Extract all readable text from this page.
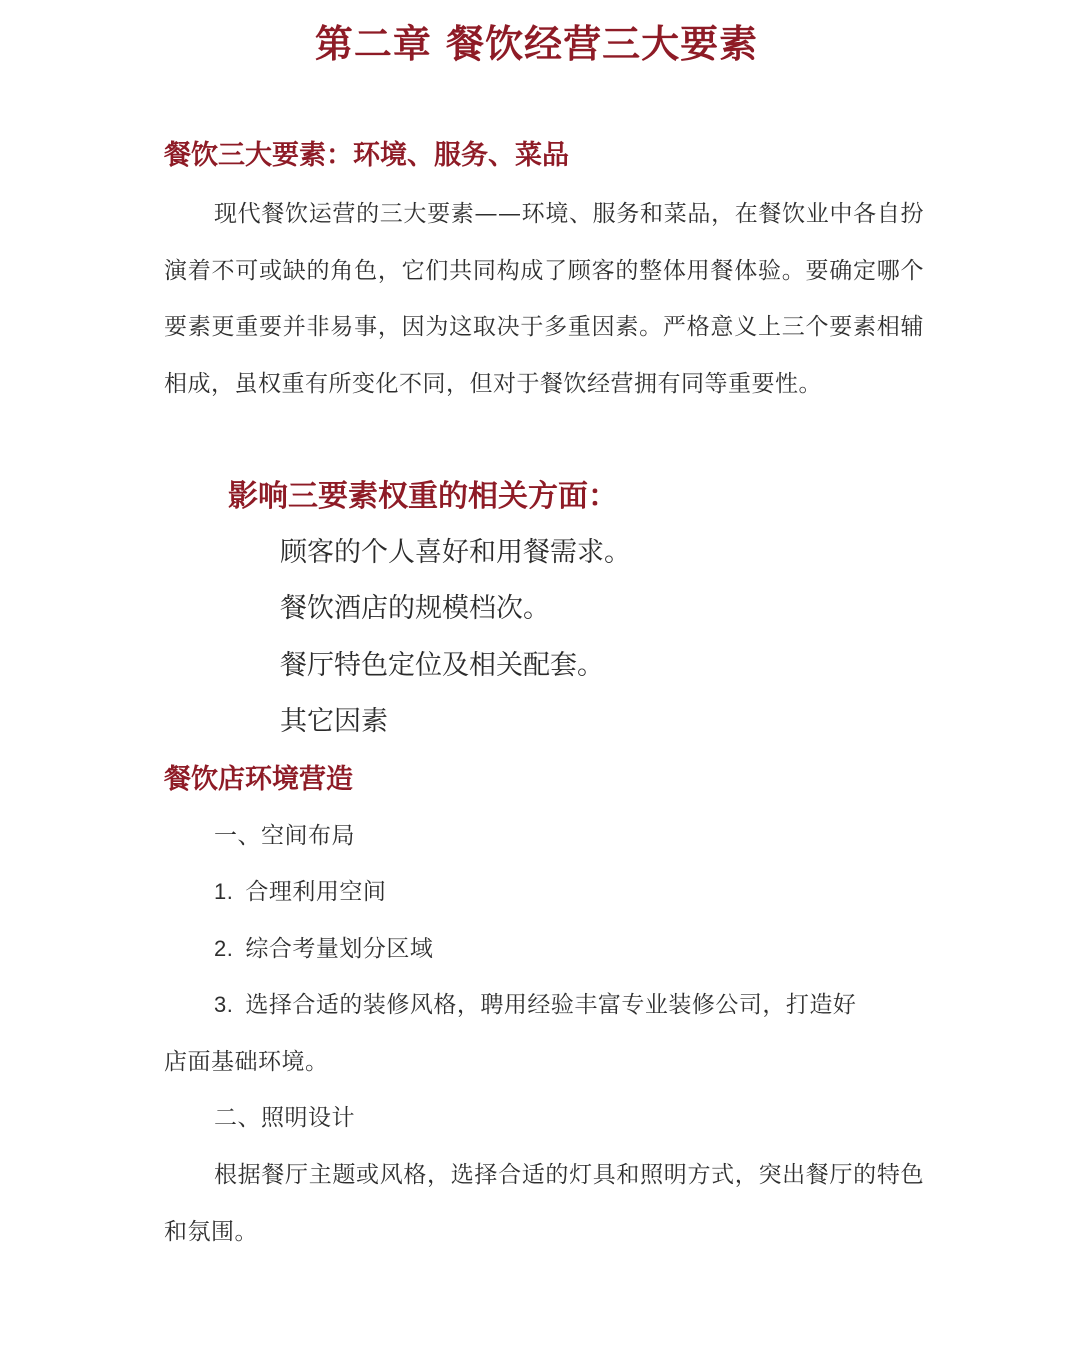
第二章 餐饮经营三大要素
餐饮三大要素：环境、服务、菜品
现代餐饮运营的三大要素——环境、服务和菜品，在餐饮业中各自扮演着不可或缺的角色，它们共同构成了顾客的整体用餐体验。要确定哪个要素更重要并非易事，因为这取决于多重因素。严格意义上三个要素相辅相成，虽权重有所变化不同，但对于餐饮经营拥有同等重要性。
影响三要素权重的相关方面：
顾客的个人喜好和用餐需求。
餐饮酒店的规模档次。
餐厅特色定位及相关配套。
其它因素
餐饮店环境营造
一、空间布局
1. 合理利用空间
2. 综合考量划分区域
3. 选择合适的装修风格，聘用经验丰富专业装修公司，打造好
店面基础环境。
二、照明设计
根据餐厅主题或风格，选择合适的灯具和照明方式，突出餐厅的特色和氛围。
